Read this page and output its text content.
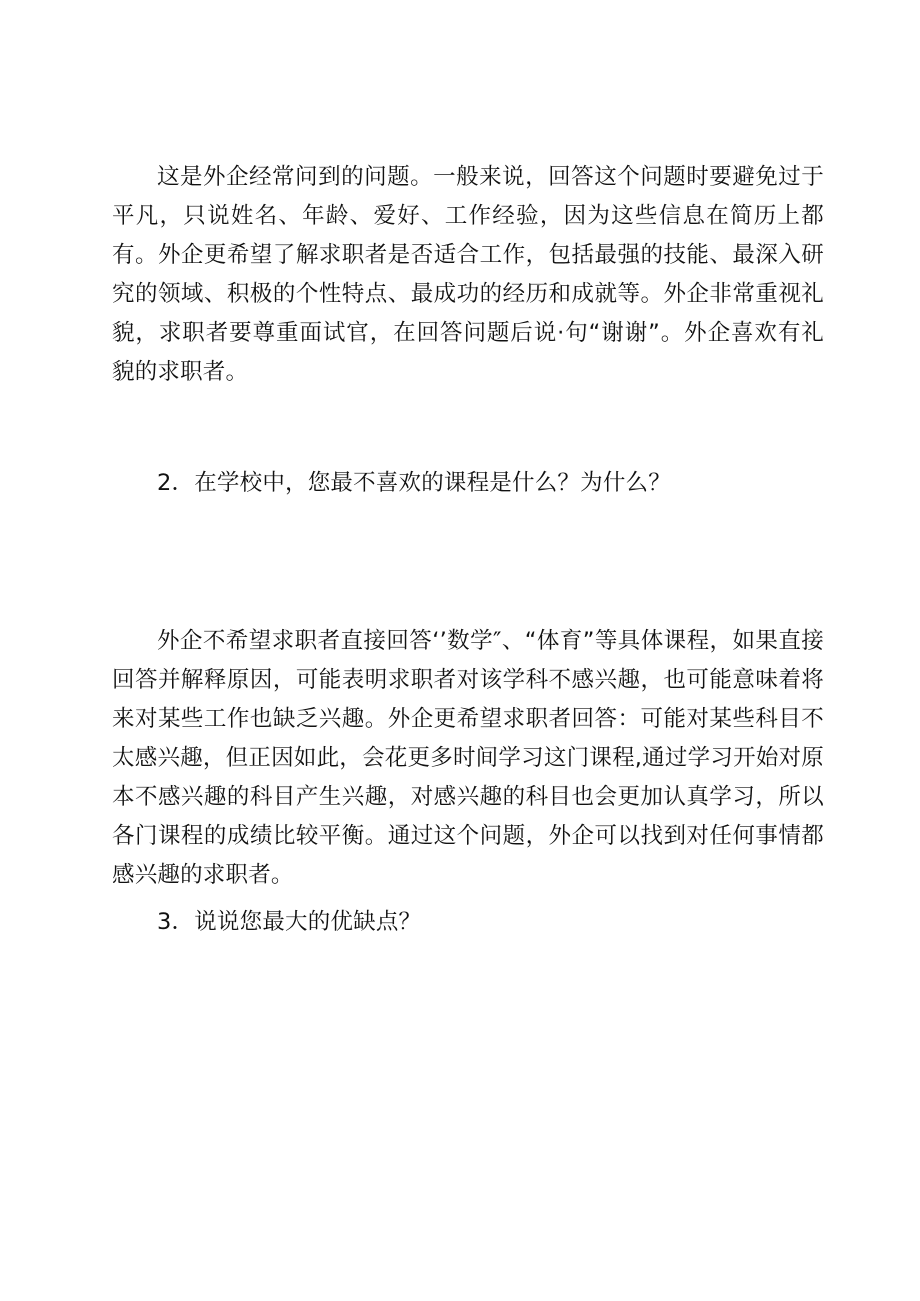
这是外企经常问到的问题。一般来说，回答这个问题时要避免过于平凡，只说姓名、年龄、爱好、工作经验，因为这些信息在简历上都有。外企更希望了解求职者是否适合工作，包括最强的技能、最深入研究的领域、积极的个性特点、最成功的经历和成就等。外企非常重视礼貌，求职者要尊重面试官，在回答问题后说·句“谢谢”。外企喜欢有礼貌的求职者。

2．在学校中，您最不喜欢的课程是什么？为什么？

外企不希望求职者直接回答‘’数学″、“体育”等具体课程，如果直接回答并解释原因，可能表明求职者对该学科不感兴趣，也可能意味着将来对某些工作也缺乏兴趣。外企更希望求职者回答：可能对某些科目不太感兴趣，但正因如此，会花更多时间学习这门课程,通过学习开始对原本不感兴趣的科目产生兴趣，对感兴趣的科目也会更加认真学习，所以各门课程的成绩比较平衡。通过这个问题，外企可以找到对任何事情都感兴趣的求职者。

3．说说您最大的优缺点？
